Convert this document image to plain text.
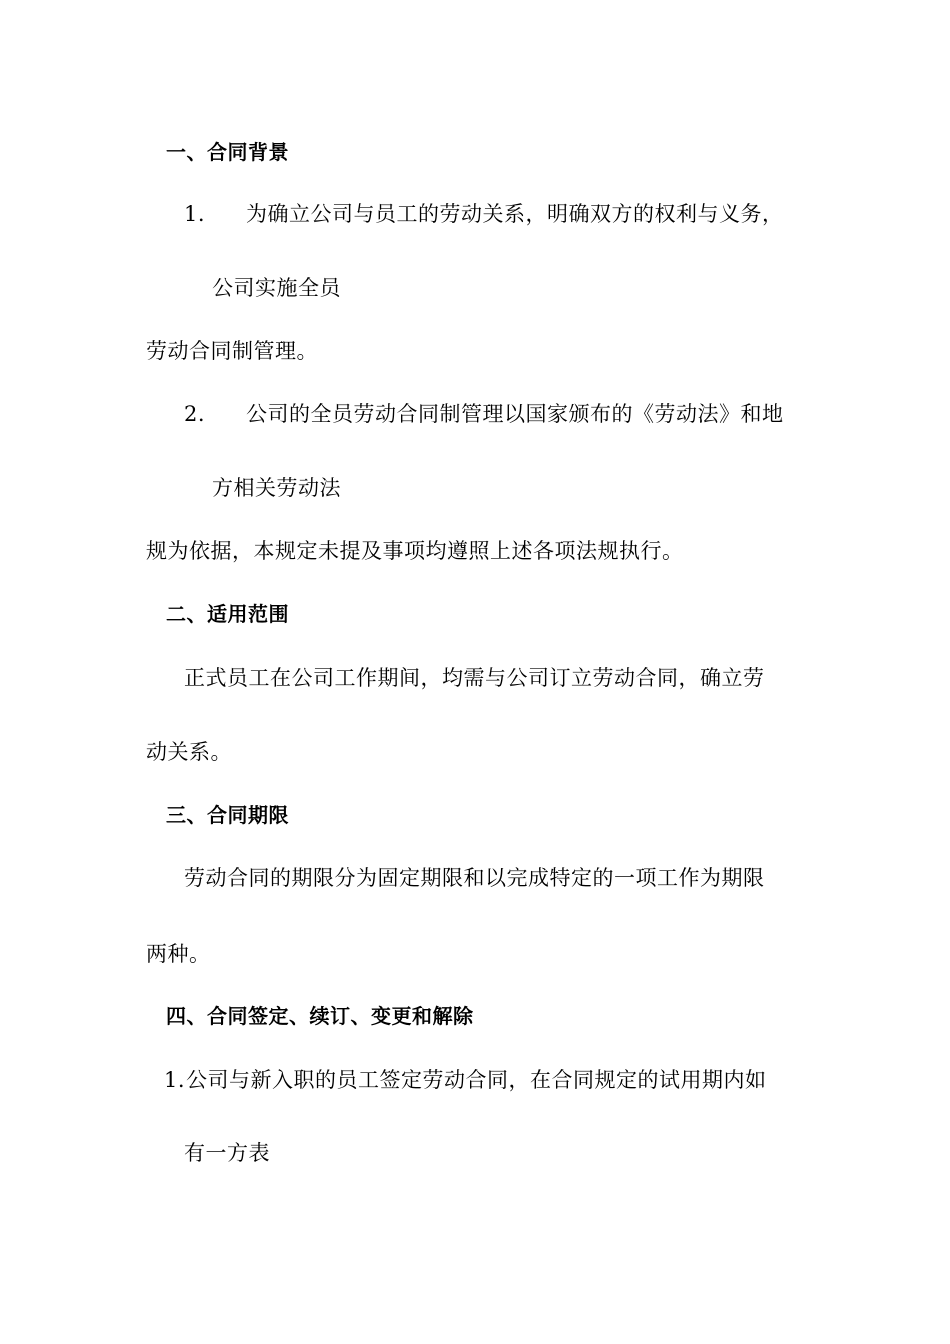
一、合同背景
1. 为确立公司与员工的劳动关系，明确双方的权利与义务，
公司实施全员
劳动合同制管理。
2. 公司的全员劳动合同制管理以国家颁布的《劳动法》和地
方相关劳动法
规为依据，本规定未提及事项均遵照上述各项法规执行。
二、适用范围
正式员工在公司工作期间，均需与公司订立劳动合同，确立劳
动关系。
三、合同期限
劳动合同的期限分为固定期限和以完成特定的一项工作为期限
两种。
四、合同签定、续订、变更和解除
1.公司与新入职的员工签定劳动合同，在合同规定的试用期内如
有一方表
